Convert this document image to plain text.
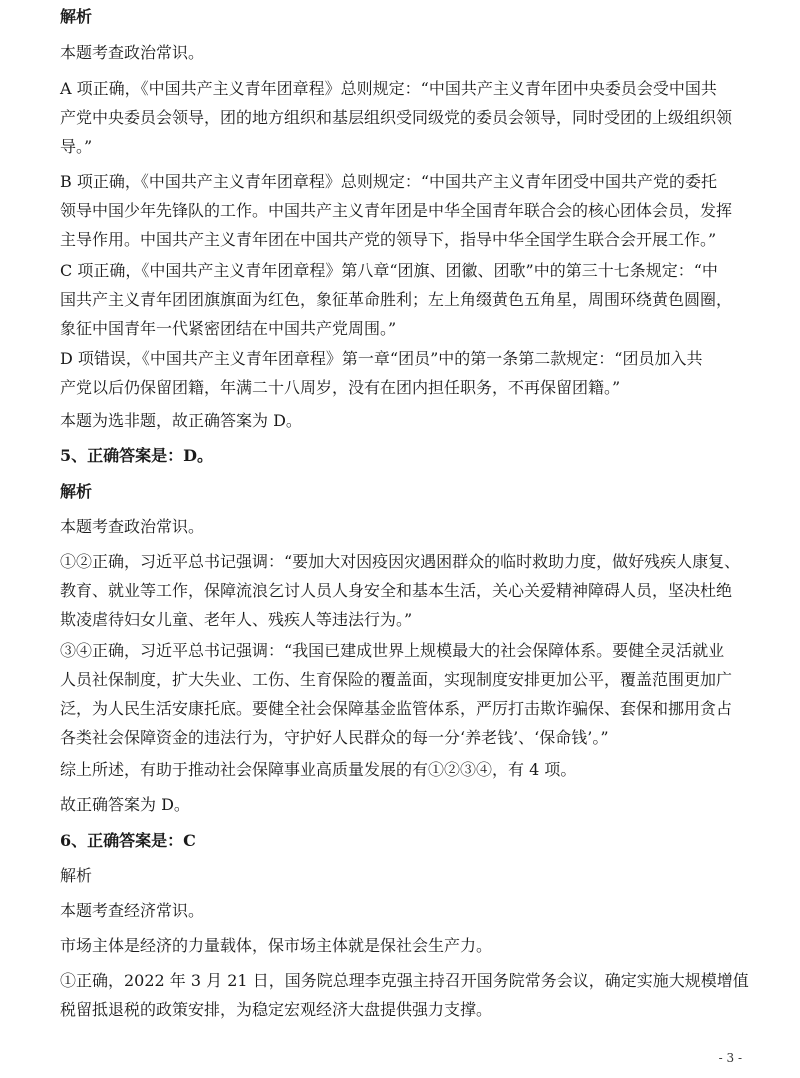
解析
本题考查政治常识。
A 项正确，《中国共产主义青年团章程》总则规定：“中国共产主义青年团中央委员会受中国共
产党中央委员会领导，团的地方组织和基层组织受同级党的委员会领导，同时受团的上级组织领
导。”
B 项正确，《中国共产主义青年团章程》总则规定：“中国共产主义青年团受中国共产党的委托
领导中国少年先锋队的工作。中国共产主义青年团是中华全国青年联合会的核心团体会员，发挥
主导作用。中国共产主义青年团在中国共产党的领导下，指导中华全国学生联合会开展工作。”
C 项正确，《中国共产主义青年团章程》第八章“团旗、团徽、团歌”中的第三十七条规定：“中
国共产主义青年团团旗旗面为红色，象征革命胜利；左上角缀黄色五角星，周围环绕黄色圆圈，
象征中国青年一代紧密团结在中国共产党周围。”
D 项错误，《中国共产主义青年团章程》第一章“团员”中的第一条第二款规定：“团员加入共
产党以后仍保留团籍，年满二十八周岁，没有在团内担任职务，不再保留团籍。”
本题为选非题，故正确答案为 D。
5、正确答案是：D。
解析
本题考查政治常识。
①②正确，习近平总书记强调：“要加大对因疫因灾遇困群众的临时救助力度，做好残疾人康复、
教育、就业等工作，保障流浪乞讨人员人身安全和基本生活，关心关爱精神障碍人员，坚决杜绝
欺凌虐待妇女儿童、老年人、残疾人等违法行为。”
③④正确，习近平总书记强调：“我国已建成世界上规模最大的社会保障体系。要健全灵活就业
人员社保制度，扩大失业、工伤、生育保险的覆盖面，实现制度安排更加公平，覆盖范围更加广
泛，为人民生活安康托底。要健全社会保障基金监管体系，严厉打击欺诈骗保、套保和挪用贪占
各类社会保障资金的违法行为，守护好人民群众的每一分‘养老钱’、‘保命钱’。”
综上所述，有助于推动社会保障事业高质量发展的有①②③④，有 4 项。
故正确答案为 D。
6、正确答案是：C
解析
本题考查经济常识。
市场主体是经济的力量载体，保市场主体就是保社会生产力。
①正确，2022 年 3 月 21 日，国务院总理李克强主持召开国务院常务会议，确定实施大规模增值
税留抵退税的政策安排，为稳定宏观经济大盘提供强力支撑。
- 3 -
